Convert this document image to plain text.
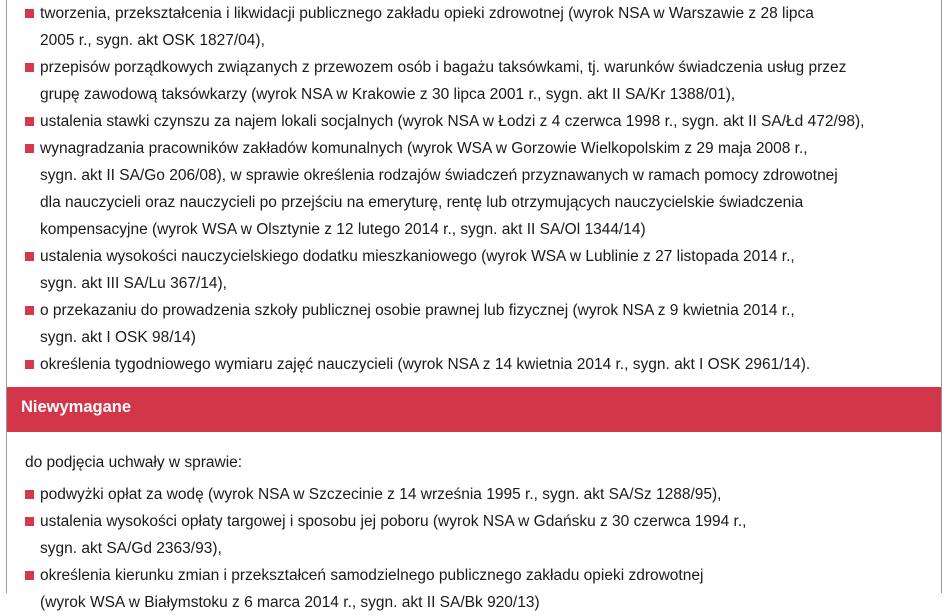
tworzenia, przekształcenia i likwidacji publicznego zakładu opieki zdrowotnej (wyrok NSA w Warszawie z 28 lipca
2005 r., sygn. akt OSK 1827/04),
przepisów porządkowych związanych z przewozem osób i bagażu taksówkami, tj. warunków świadczenia usług przez
grupę zawodową taksówkarzy (wyrok NSA w Krakowie z 30 lipca 2001 r., sygn. akt II SA/Kr 1388/01),
ustalenia stawki czynszu za najem lokali socjalnych (wyrok NSA w Łodzi z 4 czerwca 1998 r., sygn. akt II SA/Łd 472/98),
wynagradzania pracowników zakładów komunalnych (wyrok WSA w Gorzowie Wielkopolskim z 29 maja 2008 r.,
sygn. akt II SA/Go 206/08), w sprawie określenia rodzajów świadczeń przyznawanych w ramach pomocy zdrowotnej
dla nauczycieli oraz nauczycieli po przejściu na emeryturę, rentę lub otrzymujących nauczycielskie świadczenia
kompensacyjne (wyrok WSA w Olsztynie z 12 lutego 2014 r., sygn. akt II SA/Ol 1344/14)
ustalenia wysokości nauczycielskiego dodatku mieszkaniowego (wyrok WSA w Lublinie z 27 listopada 2014 r.,
sygn. akt III SA/Lu 367/14),
o przekazaniu do prowadzenia szkoły publicznej osobie prawnej lub fizycznej (wyrok NSA z 9 kwietnia 2014 r.,
sygn. akt I OSK 98/14)
określenia tygodniowego wymiaru zajęć nauczycieli (wyrok NSA z 14 kwietnia 2014 r., sygn. akt I OSK 2961/14).
Niewymagane
do podjęcia uchwały w sprawie:
podwyżki opłat za wodę (wyrok NSA w Szczecinie z 14 września 1995 r., sygn. akt SA/Sz 1288/95),
ustalenia wysokości opłaty targowej i sposobu jej poboru (wyrok NSA w Gdańsku z 30 czerwca 1994 r.,
sygn. akt SA/Gd 2363/93),
określenia kierunku zmian i przekształceń samodzielnego publicznego zakładu opieki zdrowotnej
(wyrok WSA w Białymstoku z 6 marca 2014 r., sygn. akt II SA/Bk 920/13)
